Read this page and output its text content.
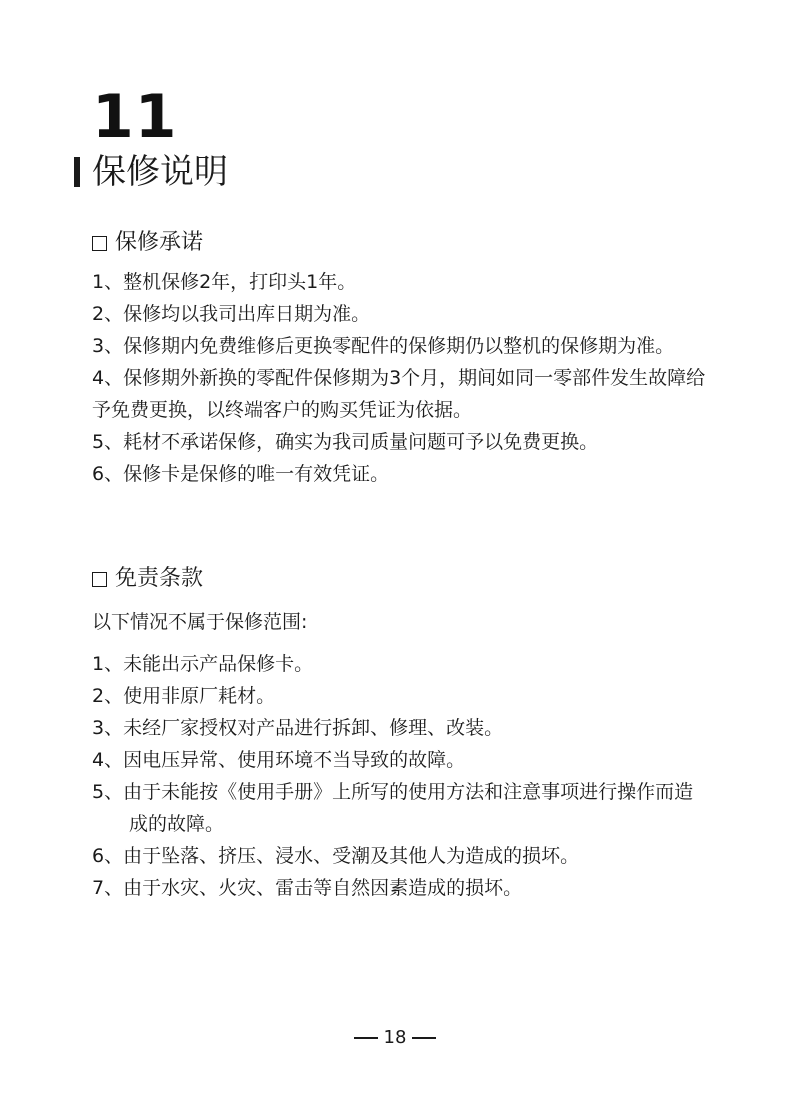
11
保修说明
保修承诺
1、整机保修2年，打印头1年。
2、保修均以我司出库日期为准。
3、保修期内免费维修后更换零配件的保修期仍以整机的保修期为准。
4、保修期外新换的零配件保修期为3个月，期间如同一零部件发生故障给予免费更换，以终端客户的购买凭证为依据。
5、耗材不承诺保修，确实为我司质量问题可予以免费更换。
6、保修卡是保修的唯一有效凭证。
免责条款
以下情况不属于保修范围:
1、未能出示产品保修卡。
2、使用非原厂耗材。
3、未经厂家授权对产品进行拆卸、修理、改装。
4、因电压异常、使用环境不当导致的故障。
5、由于未能按《使用手册》上所写的使用方法和注意事项进行操作而造成的故障。
6、由于坠落、挤压、浸水、受潮及其他人为造成的损坏。
7、由于水灾、火灾、雷击等自然因素造成的损坏。
18
